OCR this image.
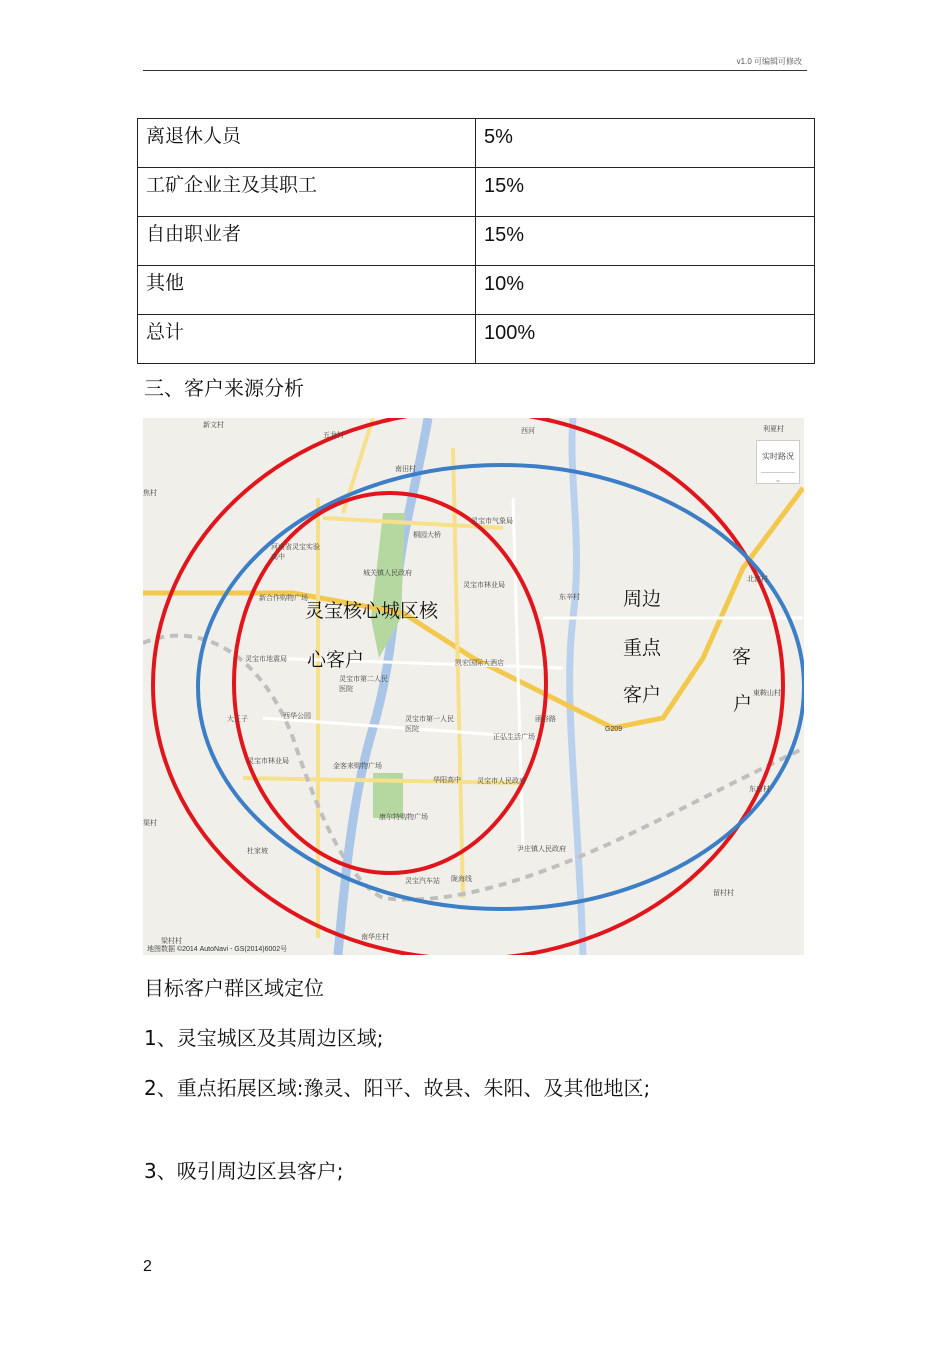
v1.0 可编辑可修改
离退休人员	5%
工矿企业主及其职工	15%
自由职业者	15%
其他	10%
总计	100%
三、客户来源分析
新文村
五龙村
西河	利夏村
南田村
灵宝市气象局
桐园大桥
河南省灵宝实验高中
城关镇人民政府
灵宝市林业局
东辛村
新合作购物广场
灵宝市第二人民医院
灵宝市地震局
凯宏国际大酒店
西华公园
大王子	灵宝市第一人民医院
正弘生活广场
灵宝市林业局
金客来购物广场
华阳高中 灵宝市人民政府
康尔特购物广场
尹庄镇人民政府
灵宝汽车站 陇海线
杜家坡
南华庄村
留村村
北流村
東鞍山村
东府村
渠村
梁村村
焦村
G209
函谷路
灵宝核心城区核
心客户
周边
重点
客户
客
户
实时路况
⌄
地图数据 ©2014 AutoNavi - GS(2014)6002号
目标客户群区域定位
1、灵宝城区及其周边区域;
2、重点拓展区域:豫灵、阳平、故县、朱阳、及其他地区;
3、吸引周边区县客户;
2
